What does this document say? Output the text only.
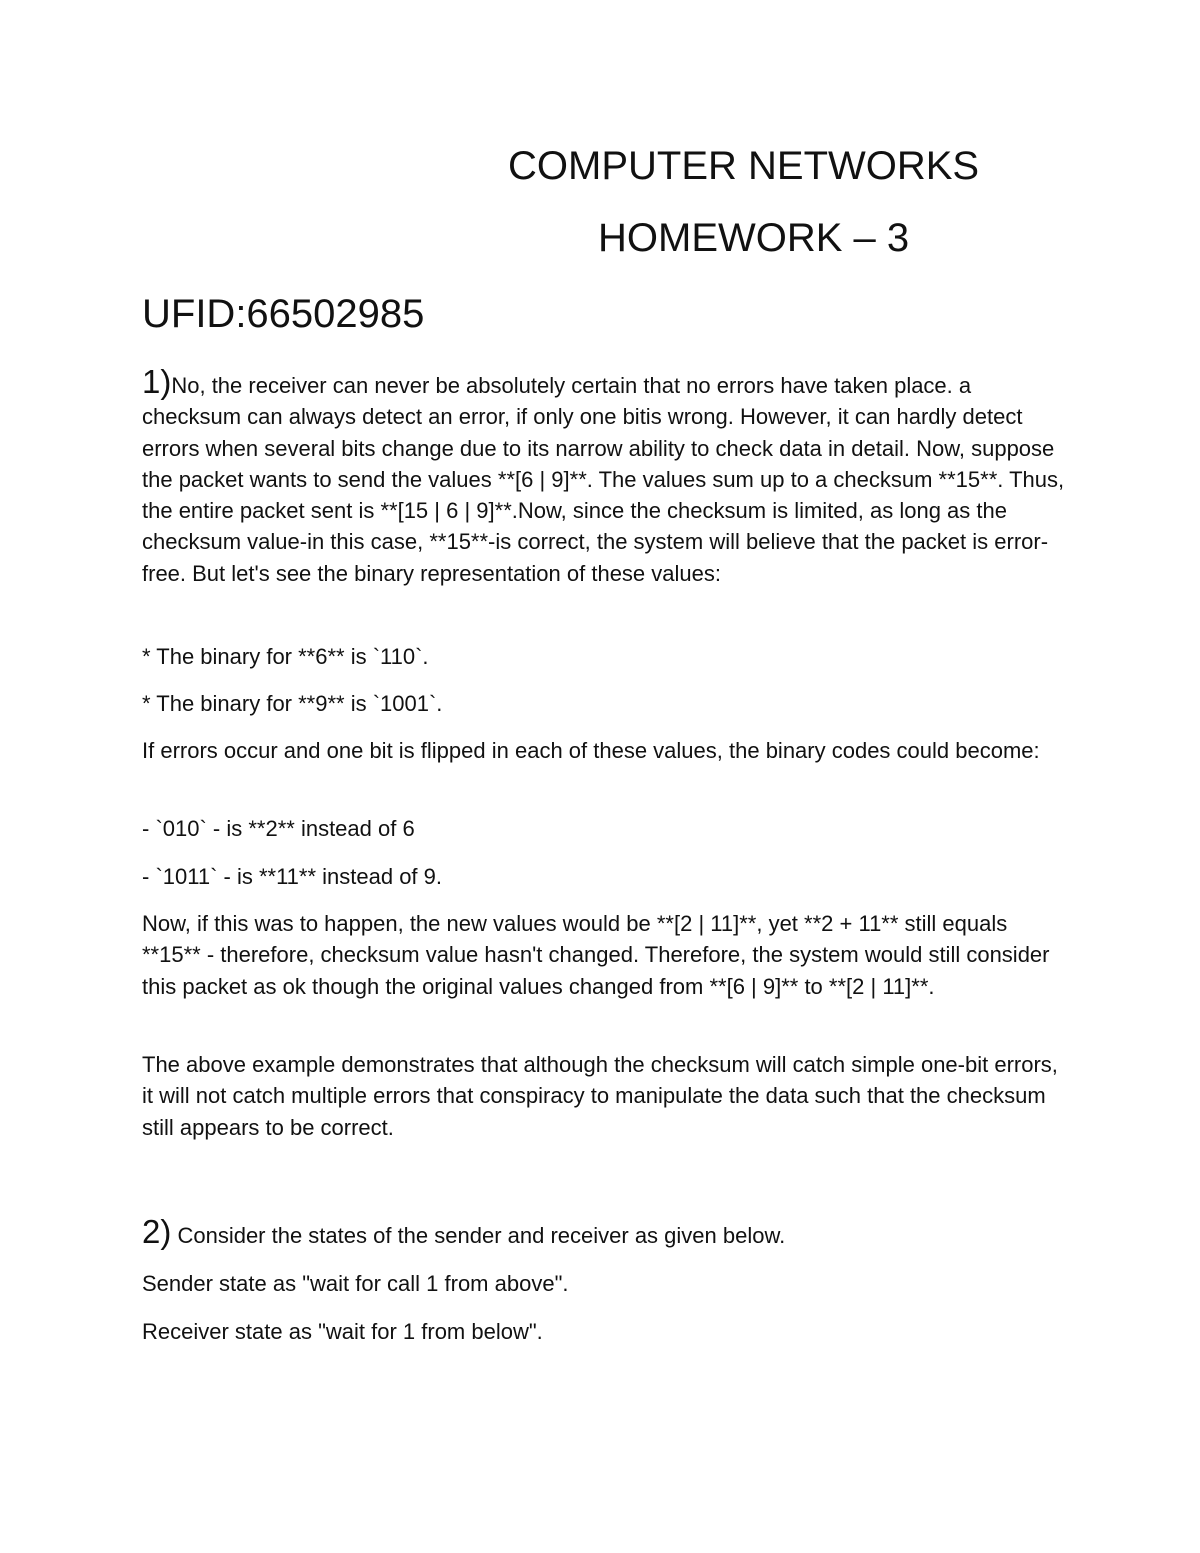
COMPUTER NETWORKS
HOMEWORK – 3
UFID:66502985
1)No, the receiver can never be absolutely certain that no errors have taken place. a checksum can always detect an error, if only one bitis wrong. However, it can hardly detect errors when several bits change due to its narrow ability to check data in detail. Now, suppose the packet wants to send the values **[6 | 9]**. The values sum up to a checksum **15**. Thus, the entire packet sent is **[15 | 6 | 9]**.Now, since the checksum is limited, as long as the checksum value-in this case, **15**-is correct, the system will believe that the packet is error-free. But let's see the binary representation of these values:
* The binary for **6** is `110`.
* The binary for **9** is `1001`.
If errors occur and one bit is flipped in each of these values, the binary codes could become:
- `010` - is **2** instead of 6
- `1011` - is **11** instead of 9.
Now, if this was to happen, the new values would be **[2 | 11]**, yet **2 + 11** still equals **15** - therefore, checksum value hasn't changed. Therefore, the system would still consider this packet as ok though the original values changed from **[6 | 9]** to **[2 | 11]**.
The above example demonstrates that although the checksum will catch simple one-bit errors, it will not catch multiple errors that conspiracy to manipulate the data such that the checksum still appears to be correct.
2) Consider the states of the sender and receiver as given below.
Sender state as "wait for call 1 from above".
Receiver state as "wait for 1 from below".
